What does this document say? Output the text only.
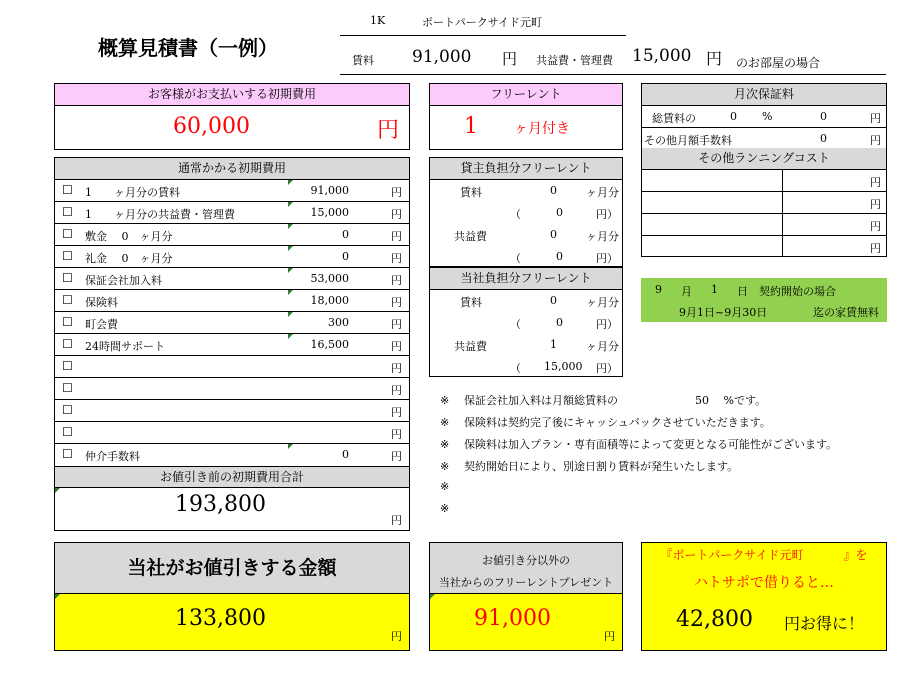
概算見積書（一例）
1K	ポートパークサイド元町
賃料 91,000 円 共益費・管理費 15,000 円 のお部屋の場合
お客様がお支払いする初期費用
60,000	円
フリーレント
1	ヶ月付き
月次保証料
総賃料の	0 %	0	円
その他月額手数料	0	円
その他ランニングコスト
円
円
円
円
通常かかる初期費用
☐ 1　　ヶ月分の賃料	91,000	円
☐ 1　　ヶ月分の共益費・管理費	15,000	円
☐ 敷金　 0　ヶ月分	0	円
☐ 礼金　 0　ヶ月分	0	円
☐ 保証会社加入料	53,000	円
☐ 保険料	18,000	円
☐ 町会費	300	円
☐ 24時間サポート	16,500	円
☐	円
☐	円
☐	円
☐	円
☐ 仲介手数料	0	円
お値引き前の初期費用合計
193,800
円
貸主負担分フリーレント
賃料	0	ヶ月分
（	0	円）
共益費	0	ヶ月分
（	0	円）
当社負担分フリーレント
賃料	0	ヶ月分
（	0	円）
共益費	1	ヶ月分
（ 15,000 円）
9 月 1 日 契約開始の場合
9月1日~9月30日	迄の家賃無料
※ 保証会社加入料は月額総賃料の　　　　　　　50　 %です。
※ 保険料は契約完了後にキャッシュバックさせていただきます。
※ 保険料は加入プラン・専有面積等によって変更となる可能性がございます。
※ 契約開始日により、別途日割り賃料が発生いたします。
※
※
当社がお値引きする金額
133,800
円
お値引き分以外の
当社からのフリーレントプレゼント
91,000
円
『ポートパークサイド元町	』を
ハトサポで借りると…
42,800 円お得に！
